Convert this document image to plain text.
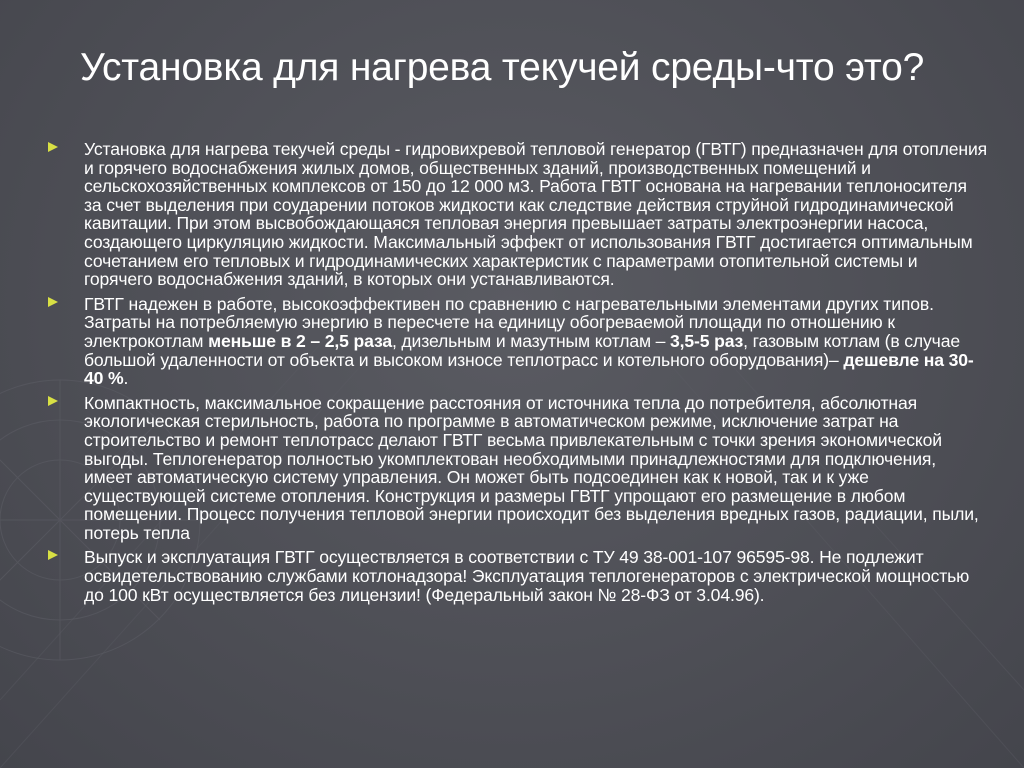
Установка для нагрева текучей среды-что это?
Установка для нагрева текучей среды - гидровихревой тепловой генератор (ГВТГ) предназначен для отопления и горячего водоснабжения жилых домов, общественных зданий, производственных помещений и сельскохозяйственных комплексов от 150 до 12 000 м3. Работа ГВТГ основана на нагревании теплоносителя за счет выделения при соударении потоков жидкости как следствие действия струйной гидродинамической кавитации. При этом высвобождающаяся тепловая энергия превышает затраты электроэнергии насоса, создающего циркуляцию жидкости. Максимальный эффект от использования ГВТГ достигается оптимальным сочетанием его тепловых и гидродинамических характеристик с параметрами отопительной системы и горячего водоснабжения зданий, в которых они устанавливаются.
ГВТГ надежен в работе, высокоэффективен по сравнению с нагревательными элементами других типов. Затраты на потребляемую энергию в пересчете на единицу обогреваемой площади по отношению к электрокотлам меньше в 2 – 2,5 раза, дизельным и мазутным котлам – 3,5-5 раз, газовым котлам (в случае большой удаленности от объекта и высоком износе теплотрасс и котельного оборудования)– дешевле на 30-40 %.
Компактность, максимальное сокращение расстояния от источника тепла до потребителя, абсолютная экологическая стерильность, работа по программе в автоматическом режиме, исключение затрат на строительство и ремонт теплотрасс делают ГВТГ весьма привлекательным с точки зрения экономической выгоды. Теплогенератор полностью укомплектован необходимыми принадлежностями для подключения, имеет автоматическую систему управления. Он может быть подсоединен как к новой, так и к уже существующей системе отопления. Конструкция и размеры ГВТГ упрощают его размещение в любом помещении. Процесс получения тепловой энергии происходит без выделения вредных газов, радиации, пыли, потерь тепла
Выпуск и эксплуатация ГВТГ осуществляется в соответствии с ТУ 49 38-001-107 96595-98. Не подлежит освидетельствованию службами котлонадзора! Эксплуатация теплогенераторов с электрической мощностью до 100 кВт осуществляется без лицензии! (Федеральный закон № 28-ФЗ от 3.04.96).
